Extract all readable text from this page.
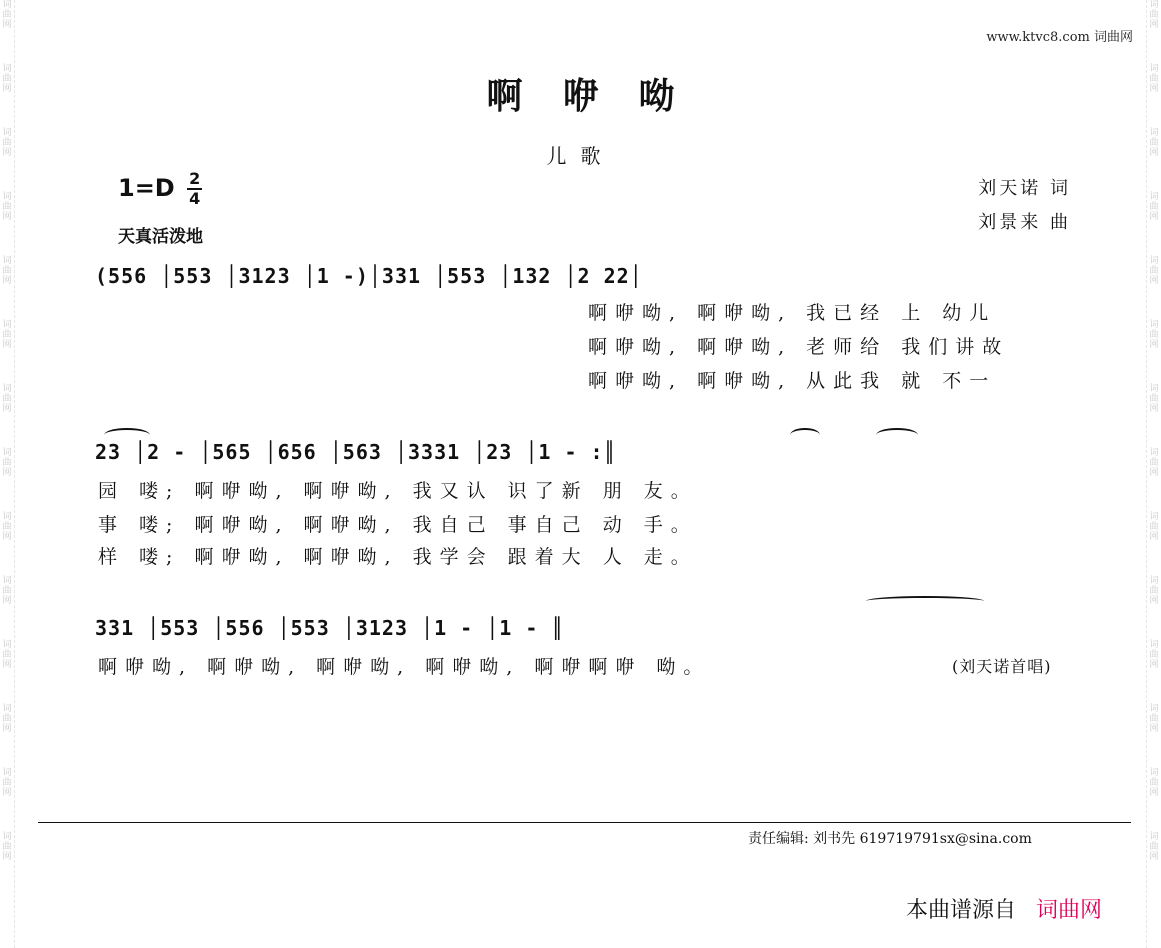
词曲网
词曲网
词曲网
词曲网
词曲网
词曲网
词曲网
词曲网
词曲网
词曲网
词曲网
词曲网
词曲网
词曲网
词曲网
词曲网
词曲网
词曲网
词曲网
词曲网
词曲网
词曲网
词曲网
词曲网
词曲网
词曲网
词曲网
词曲网
www.ktvc8.com 词曲网
啊咿呦
儿歌
$1=D \frac{2}{4}$
天真活泼地
刘天诺 词
刘景来 曲
(556 │553 │3123 │1 -)│331 │553 │132 │2 22│
啊咿呦, 啊咿呦, 我已经 上 幼儿
啊咿呦, 啊咿呦, 老师给 我们讲故
啊咿呦, 啊咿呦, 从此我 就 不一
23 │2 - │565 │656 │563 │3331 │23 │1 - :║
园 喽; 啊咿呦, 啊咿呦, 我又认 识了新 朋 友。
事 喽; 啊咿呦, 啊咿呦, 我自己 事自己 动 手。
样 喽; 啊咿呦, 啊咿呦, 我学会 跟着大 人 走。
331 │553 │556 │553 │3123 │1 - │1 - ║
啊咿呦, 啊咿呦, 啊咿呦, 啊咿呦, 啊咿啊咿 呦。	(刘天诺首唱)
责任编辑: 刘书先 619719791sx@sina.com
本曲谱源自 词曲网
